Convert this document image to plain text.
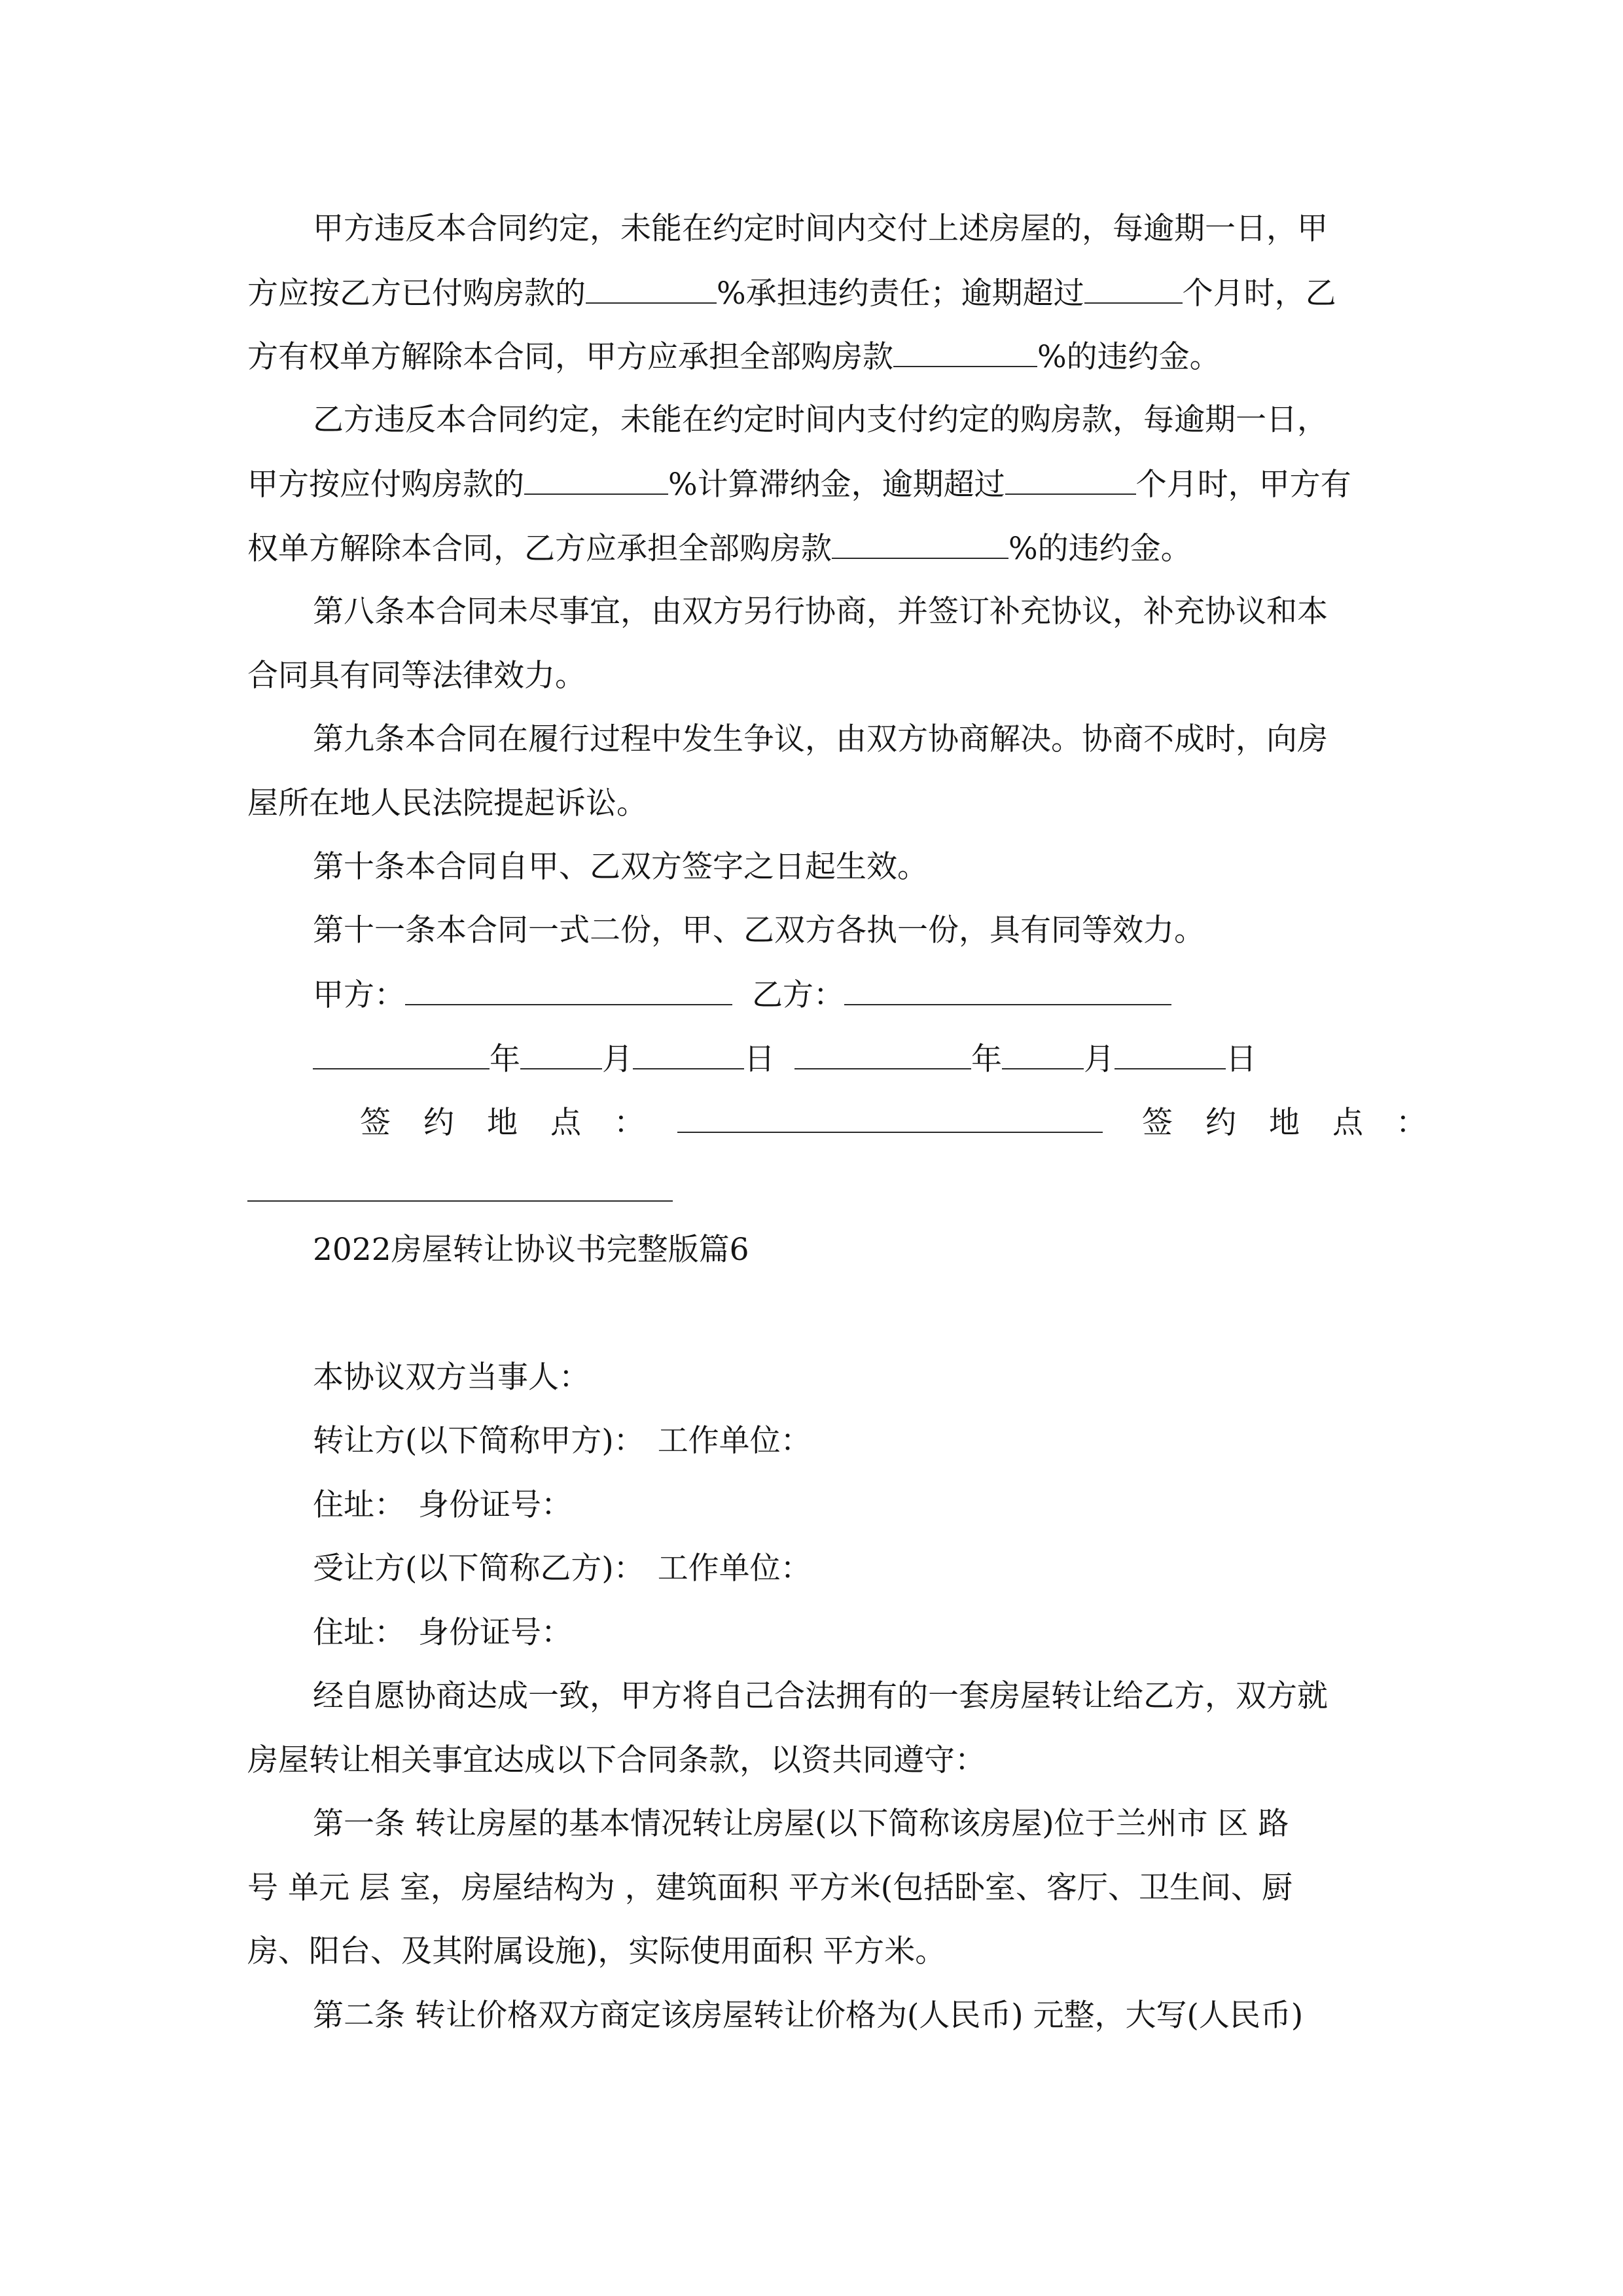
甲方违反本合同约定，未能在约定时间内交付上述房屋的，每逾期一日，甲
方应按乙方已付购房款的	%承担违约责任；逾期超过	个月时，乙
方有权单方解除本合同，甲方应承担全部购房款	%的违约金。
乙方违反本合同约定，未能在约定时间内支付约定的购房款，每逾期一日，
甲方按应付购房款的	%计算滞纳金，逾期超过	个月时，甲方有
权单方解除本合同，乙方应承担全部购房款	%的违约金。
第八条本合同未尽事宜，由双方另行协商，并签订补充协议，补充协议和本
合同具有同等法律效力。
第九条本合同在履行过程中发生争议，由双方协商解决。协商不成时，向房
屋所在地人民法院提起诉讼。
第十条本合同自甲、乙双方签字之日起生效。
第十一条本合同一式二份，甲、乙双方各执一份，具有同等效力。
甲方：	乙方：
年	月	日	年	月	日
签约地点：	签约地点：
2022房屋转让协议书完整版篇6
本协议双方当事人：
转让方(以下简称甲方)： 工作单位：
住址： 身份证号：
受让方(以下简称乙方)： 工作单位：
住址： 身份证号：
经自愿协商达成一致，甲方将自己合法拥有的一套房屋转让给乙方，双方就
房屋转让相关事宜达成以下合同条款，以资共同遵守：
第一条 转让房屋的基本情况转让房屋(以下简称该房屋)位于兰州市 区 路
号 单元 层 室，房屋结构为 ，建筑面积 平方米(包括卧室、客厅、卫生间、厨
房、阳台、及其附属设施)，实际使用面积 平方米。
第二条 转让价格双方商定该房屋转让价格为(人民币) 元整，大写(人民币)
